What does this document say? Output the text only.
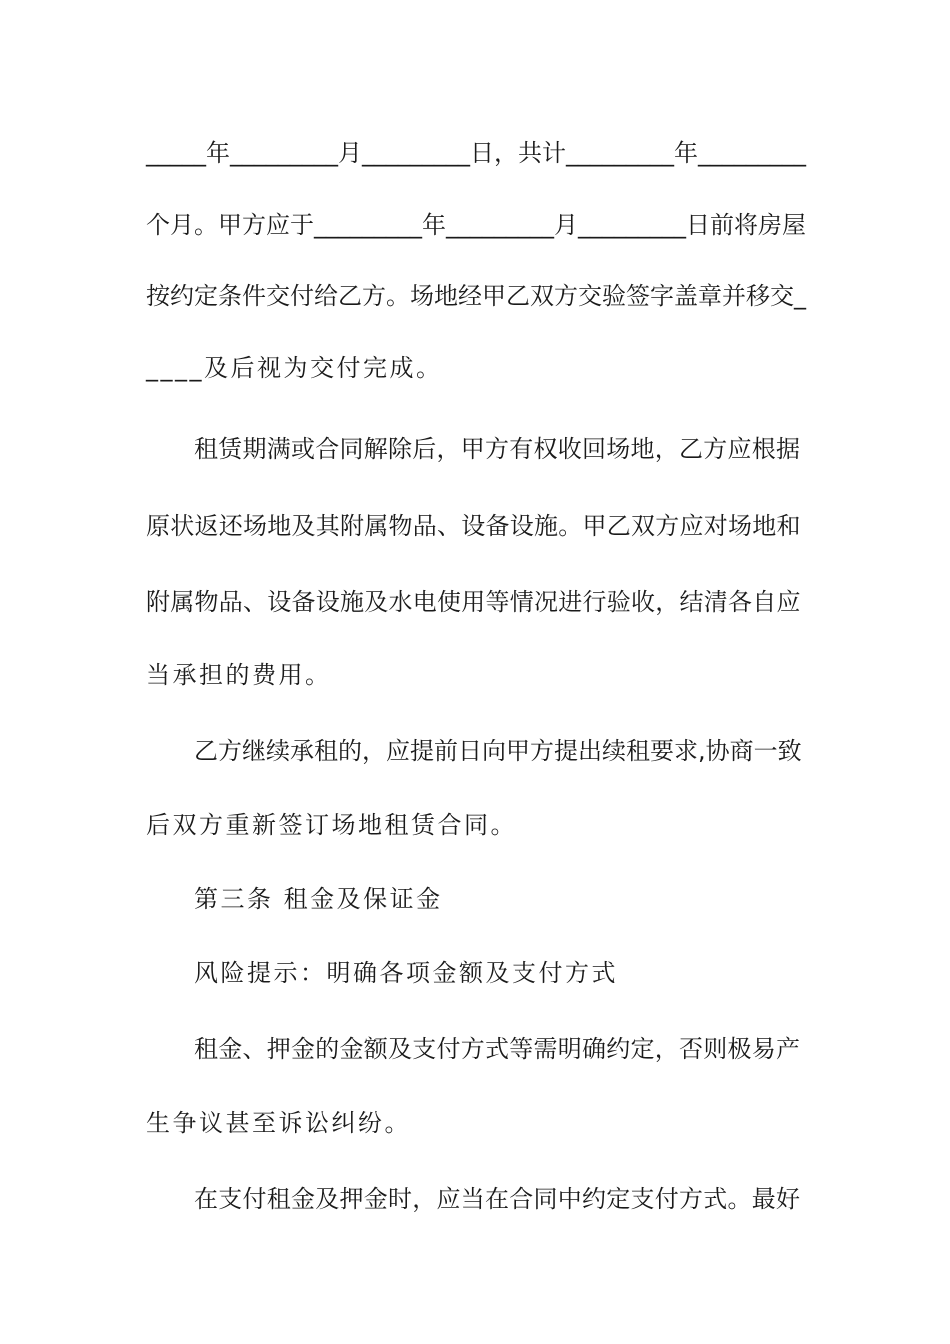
_____年_________月_________日，共计_________年_________
个月。甲方应于_________年_________月_________日前将房屋
按约定条件交付给乙方。场地经甲乙双方交验签字盖章并移交_
____及后视为交付完成。
租赁期满或合同解除后，甲方有权收回场地，乙方应根据
原状返还场地及其附属物品、设备设施。甲乙双方应对场地和
附属物品、设备设施及水电使用等情况进行验收，结清各自应
当承担的费用。
乙方继续承租的，应提前日向甲方提出续租要求,协商一致
后双方重新签订场地租赁合同。
第三条 租金及保证金
风险提示：明确各项金额及支付方式
租金、押金的金额及支付方式等需明确约定，否则极易产
生争议甚至诉讼纠纷。
在支付租金及押金时，应当在合同中约定支付方式。最好
